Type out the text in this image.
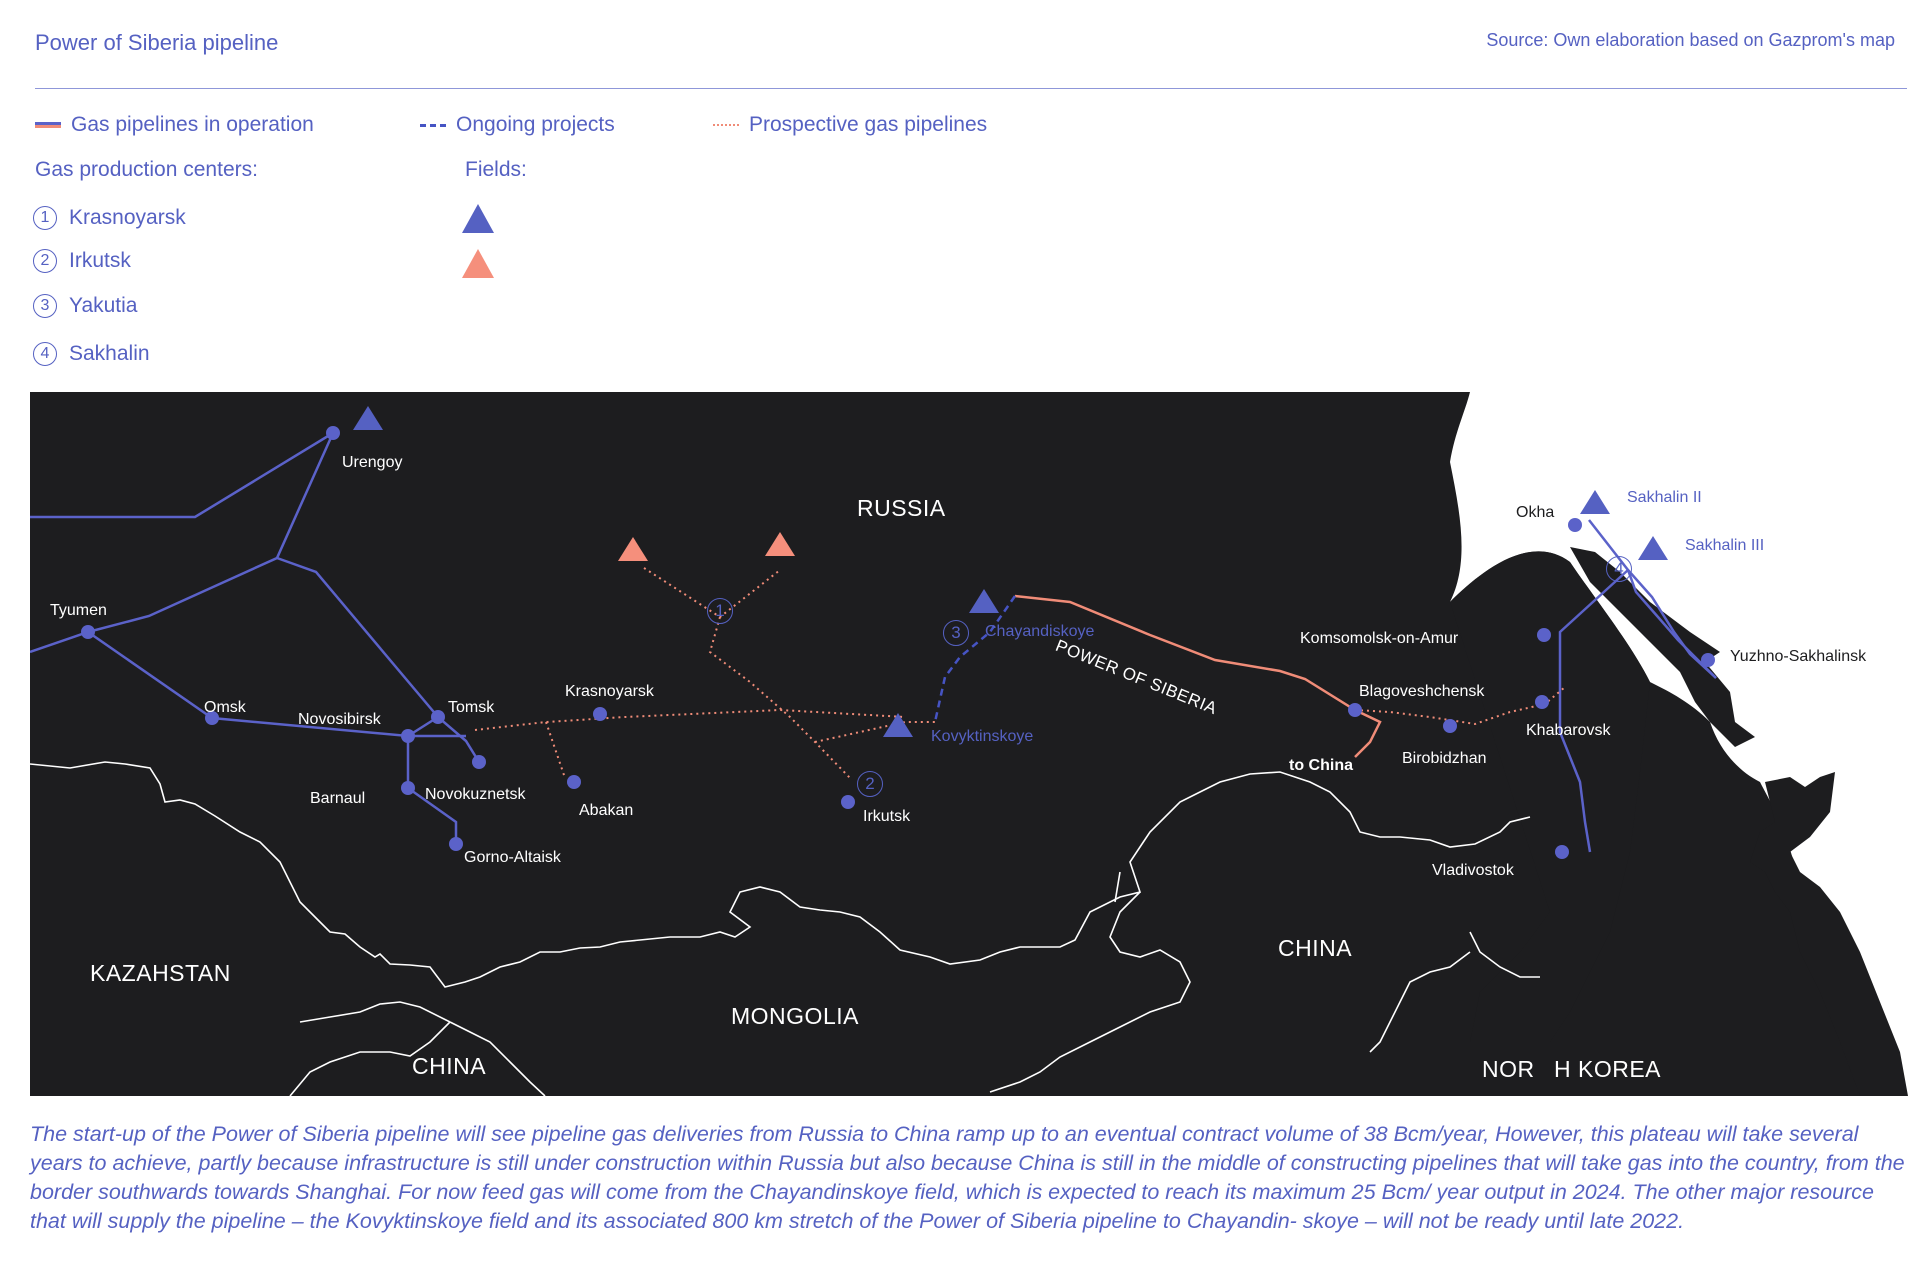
Power of Siberia pipeline	Source: Own elaboration based on Gazprom's map
Gas pipelines in operation	Ongoing projects	Prospective gas pipelines
Gas production centers:	Fields:
1 Krasnoyarsk
2 Irkutsk
3 Yakutia
4 Sakhalin
RUSSIA
KAZAHSTAN
MONGOLIA
CHINA
CHINA
NOR H KOREA
POWER OF SIBERIA
Urengoy
Tyumen
Omsk
Novosibirsk
Tomsk
Barnaul	Novokuznetsk
Gorno-Altaisk
Krasnoyarsk
Abakan	Irkutsk
Komsomolsk-on-Amur
Blagoveshchensk
to China	Birobidzhan
Khabarovsk
Vladivostok
Okha
Yuzhno-Sakhalinsk
Chayandiskoye
Kovyktinskoye
Sakhalin II
Sakhalin III
1
2
3
4
The start-up of the Power of Siberia pipeline will see pipeline gas deliveries from Russia to China ramp up to an eventual contract volume of 38 Bcm/year, However, this plateau will take several years to achieve, partly because infrastructure is still under construction within Russia but also because China is still in the middle of constructing pipelines that will take gas into the country, from the border southwards towards Shanghai. For now feed gas will come from the Chayandinskoye field, which is expected to reach its maximum 25 Bcm/ year output in 2024. The other major resource that will supply the pipeline – the Kovyktinskoye field and its associated 800 km stretch of the Power of Siberia pipeline to Chayandin- skoye – will not be ready until late 2022.
